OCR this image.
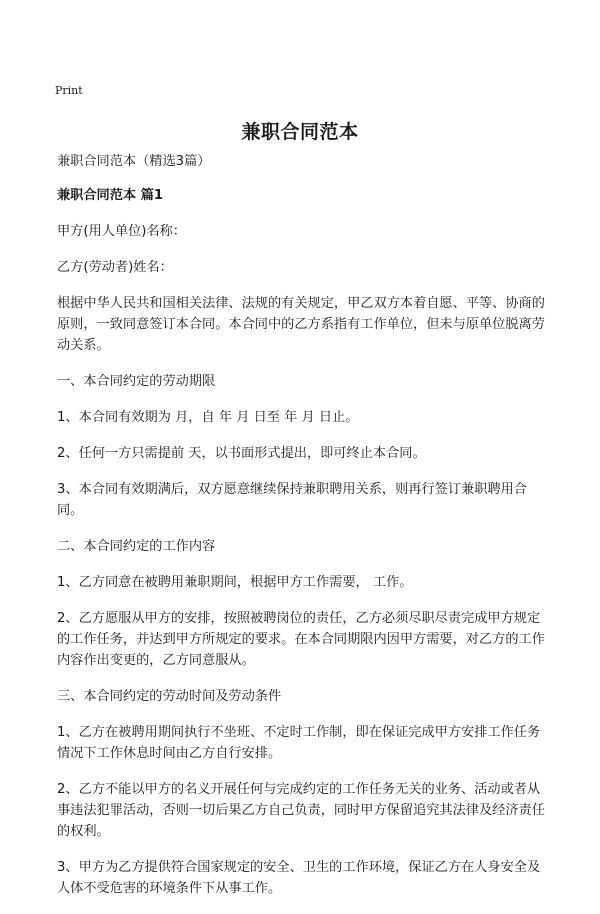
Print
兼职合同范本

兼职合同范本（精选3篇）

兼职合同范本 篇1

甲方(用人单位)名称：

乙方(劳动者)姓名：

根据中华人民共和国相关法律、法规的有关规定，甲乙双方本着自愿、平等、协商的原则，一致同意签订本合同。本合同中的乙方系指有工作单位，但未与原单位脱离劳动关系。

一、本合同约定的劳动期限

1、本合同有效期为 月，自 年 月 日至 年 月 日止。

2、任何一方只需提前 天，以书面形式提出，即可终止本合同。

3、本合同有效期满后，双方愿意继续保持兼职聘用关系，则再行签订兼职聘用合同。

二、本合同约定的工作内容

1、乙方同意在被聘用兼职期间，根据甲方工作需要， 工作。

2、乙方愿服从甲方的安排，按照被聘岗位的责任，乙方必须尽职尽责完成甲方规定的工作任务，并达到甲方所规定的要求。在本合同期限内因甲方需要，对乙方的工作内容作出变更的，乙方同意服从。

三、本合同约定的劳动时间及劳动条件

1、乙方在被聘用期间执行不坐班、不定时工作制，即在保证完成甲方安排工作任务情况下工作休息时间由乙方自行安排。

2、乙方不能以甲方的名义开展任何与完成约定的工作任务无关的业务、活动或者从事违法犯罪活动，否则一切后果乙方自己负责，同时甲方保留追究其法律及经济责任的权利。

3、甲方为乙方提供符合国家规定的安全、卫生的工作环境，保证乙方在人身安全及人体不受危害的环境条件下从事工作。
